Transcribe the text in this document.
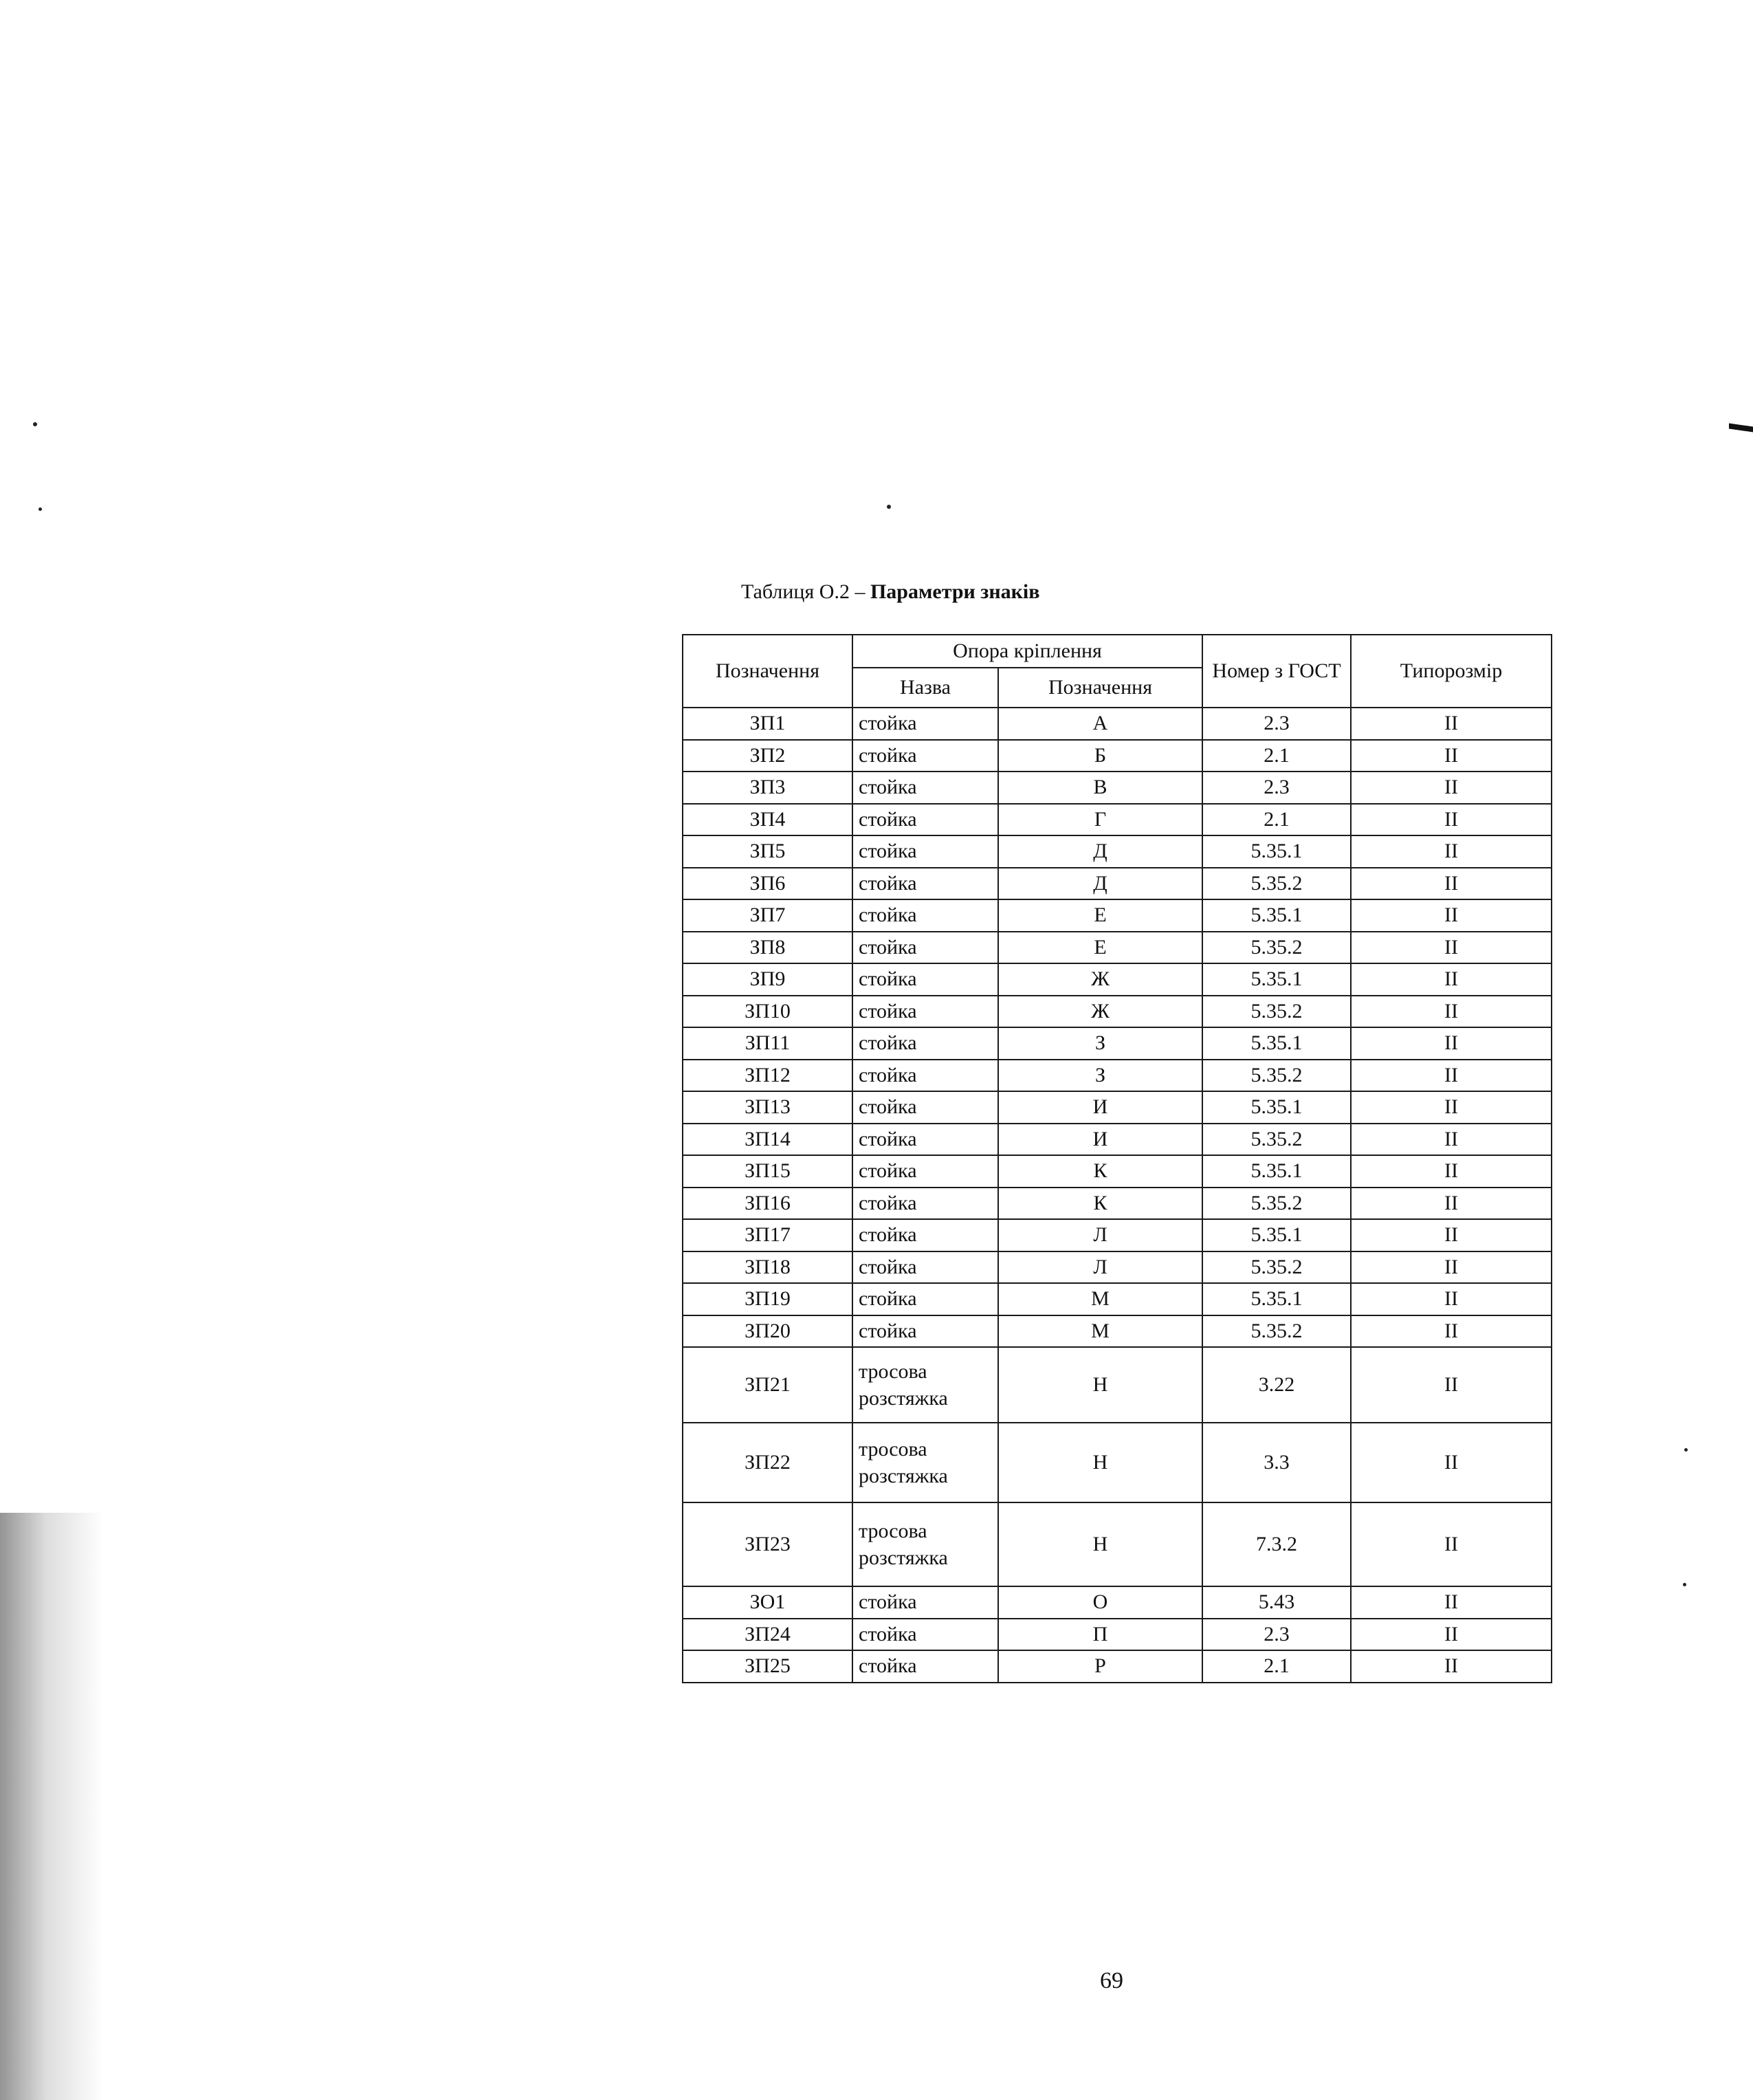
Таблиця О.2 – Параметри знаків
Позначення	Опора кріплення		Номер з ГОСТ	Типорозмір
	Назва	Позначення		
ЗП1	стойка	А	2.3	II
ЗП2	стойка	Б	2.1	II
ЗП3	стойка	В	2.3	II
ЗП4	стойка	Г	2.1	II
ЗП5	стойка	Д	5.35.1	II
ЗП6	стойка	Д	5.35.2	II
ЗП7	стойка	Е	5.35.1	II
ЗП8	стойка	Е	5.35.2	II
ЗП9	стойка	Ж	5.35.1	II
ЗП10	стойка	Ж	5.35.2	II
ЗП11	стойка	З	5.35.1	II
ЗП12	стойка	З	5.35.2	II
ЗП13	стойка	И	5.35.1	II
ЗП14	стойка	И	5.35.2	II
ЗП15	стойка	К	5.35.1	II
ЗП16	стойка	К	5.35.2	II
ЗП17	стойка	Л	5.35.1	II
ЗП18	стойка	Л	5.35.2	II
ЗП19	стойка	М	5.35.1	II
ЗП20	стойка	М	5.35.2	II
ЗП21	тросова
розстяжка	Н	3.22	II
ЗП22	тросова
розстяжка	Н	3.3	II
ЗП23	тросова
розстяжка	Н	7.3.2	II
ЗО1	стойка	О	5.43	II
ЗП24	стойка	П	2.3	II
ЗП25	стойка	Р	2.1	II
69
